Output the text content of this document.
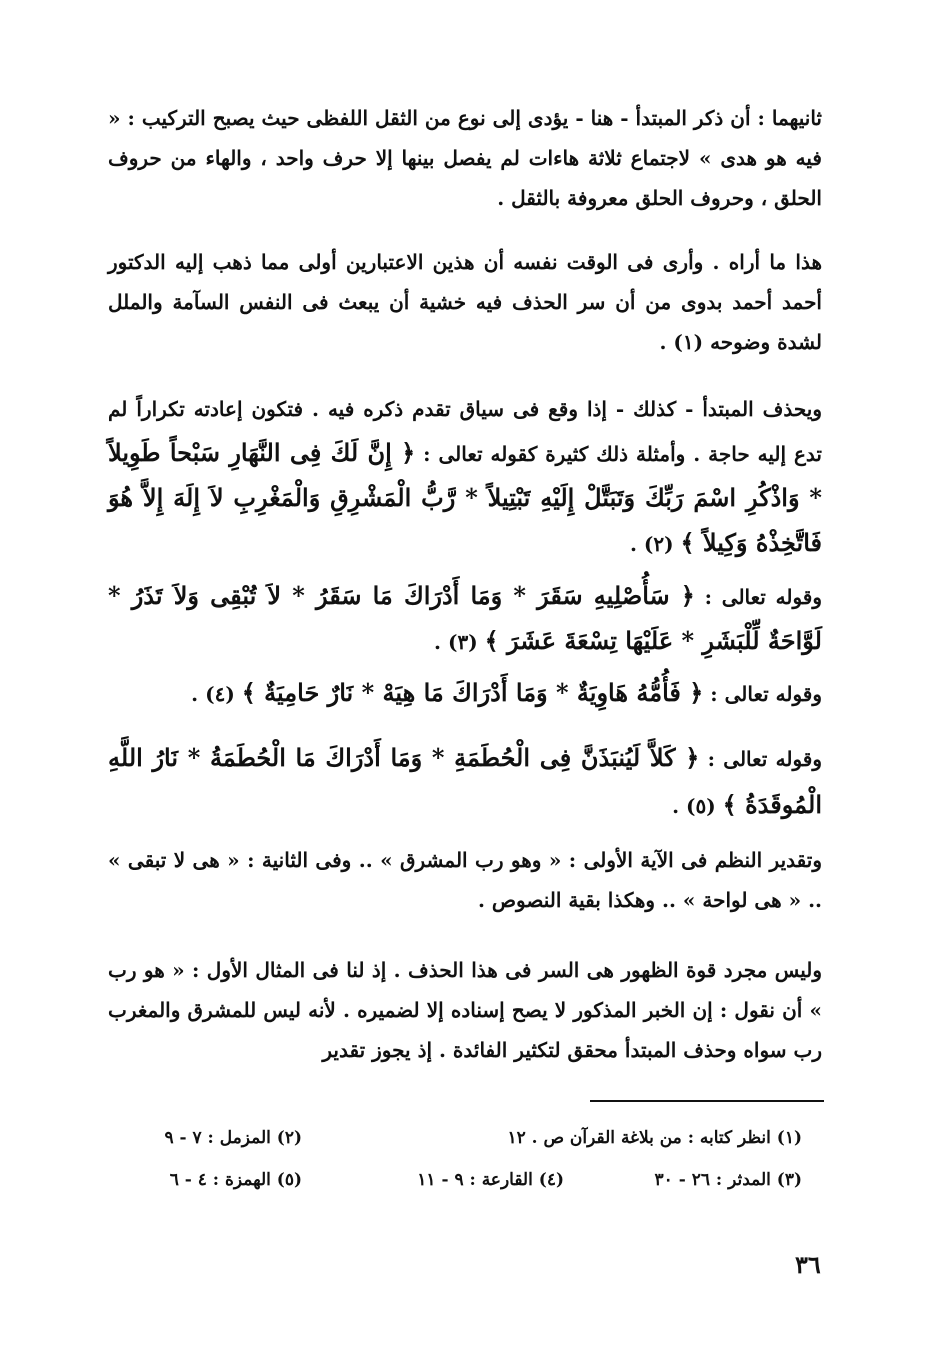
ثانيهما : أن ذكر المبتدأ - هنا - يؤدى إلى نوع من الثقل اللفظى حيث يصبح التركيب : « فيه هو هدى » لاجتماع ثلاثة هاءات لم يفصل بينها إلا حرف واحد ، والهاء من حروف الحلق ، وحروف الحلق معروفة بالثقل .

هذا ما أراه . وأرى فى الوقت نفسه أن هذين الاعتبارين أولى مما ذهب إليه الدكتور أحمد أحمد بدوى من أن سر الحذف فيه خشية أن يبعث فى النفس السآمة والملل لشدة وضوحه (١) .

ويحذف المبتدأ - كذلك - إذا وقع فى سياق تقدم ذكره فيه . فتكون إعادته تكراراً لم تدع إليه حاجة . وأمثلة ذلك كثيرة كقوله تعالى : ﴿ إِنَّ لَكَ فِى النَّهَارِ سَبْحاً طَوِيلاً * وَاذْكُرِ اسْمَ رَبِّكَ وَتَبَتَّلْ إِلَيْهِ تَبْتِيلاً * رَّبُّ الْمَشْرِقِ وَالْمَغْرِبِ لاَ إِلَهَ إِلاَّ هُوَ فَاتَّخِذْهُ وَكِيلاً ﴾ (٢) .

وقوله تعالى : ﴿ سَأُصْلِيهِ سَقَرَ * وَمَا أَدْرَاكَ مَا سَقَرُ * لاَ تُبْقِى وَلاَ تَذَرُ * لَوَّاحَةٌ لِّلْبَشَرِ * عَلَيْهَا تِسْعَةَ عَشَرَ ﴾ (٣) .

وقوله تعالى : ﴿ فَأُمُّهُ هَاوِيَةٌ * وَمَا أَدْرَاكَ مَا هِيَهْ * نَارٌ حَامِيَةٌ ﴾ (٤) .

وقوله تعالى : ﴿ كَلاَّ لَيُنبَذَنَّ فِى الْحُطَمَةِ * وَمَا أَدْرَاكَ مَا الْحُطَمَةُ * نَارُ اللَّهِ الْمُوقَدَةُ ﴾ (٥) .

وتقدير النظم فى الآية الأولى : « وهو رب المشرق » .. وفى الثانية : « هى لا تبقى » .. « هى لواحة » .. وهكذا بقية النصوص .

وليس مجرد قوة الظهور هى السر فى هذا الحذف . إذ لنا فى المثال الأول : « هو رب » أن نقول : إن الخبر المذكور لا يصح إسناده إلا لضميره . لأنه ليس للمشرق والمغرب رب سواه وحذف المبتدأ محقق لتكثير الفائدة . إذ يجوز تقدير

(١) انظر كتابه : من بلاغة القرآن ص . ١٢
(٢) المزمل : ٧ - ٩
(٣) المدثر : ٢٦ - ٣٠
(٤) القارعة : ٩ - ١١
(٥) الهمزة : ٤ - ٦
٣٦
